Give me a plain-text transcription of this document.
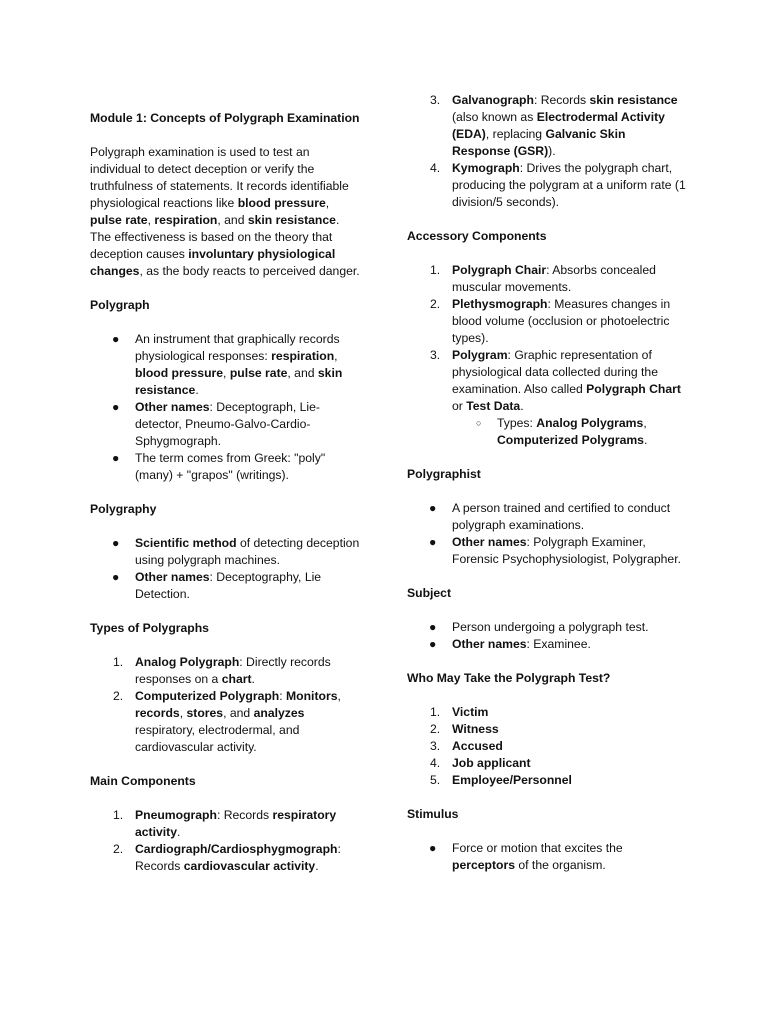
Module 1: Concepts of Polygraph Examination

Polygraph examination is used to test an individual to detect deception or verify the truthfulness of statements. It records identifiable physiological reactions like blood pressure, pulse rate, respiration, and skin resistance. The effectiveness is based on the theory that deception causes involuntary physiological changes, as the body reacts to perceived danger.

Polygraph

●	An instrument that graphically records physiological responses: respiration, blood pressure, pulse rate, and skin resistance.
●	Other names: Deceptograph, Lie-detector, Pneumo-Galvo-Cardio-Sphygmograph.
●	The term comes from Greek: "poly" (many) + "grapos" (writings).

Polygraphy

●	Scientific method of detecting deception using polygraph machines.
●	Other names: Deceptography, Lie Detection.

Types of Polygraphs

1. Analog Polygraph: Directly records responses on a chart.
2. Computerized Polygraph: Monitors, records, stores, and analyzes respiratory, electrodermal, and cardiovascular activity.

Main Components

1. Pneumograph: Records respiratory activity.
2. Cardiograph/Cardiosphygmograph: Records cardiovascular activity.
3. Galvanograph: Records skin resistance (also known as Electrodermal Activity (EDA), replacing Galvanic Skin Response (GSR)).
4. Kymograph: Drives the polygraph chart, producing the polygram at a uniform rate (1 division/5 seconds).

Accessory Components

1. Polygraph Chair: Absorbs concealed muscular movements.
2. Plethysmograph: Measures changes in blood volume (occlusion or photoelectric types).
3. Polygram: Graphic representation of physiological data collected during the examination. Also called Polygraph Chart or Test Data.
○	Types: Analog Polygrams, Computerized Polygrams.

Polygraphist

●	A person trained and certified to conduct polygraph examinations.
●	Other names: Polygraph Examiner, Forensic Psychophysiologist, Polygrapher.

Subject

●	Person undergoing a polygraph test.
●	Other names: Examinee.

Who May Take the Polygraph Test?

1. Victim
2. Witness
3. Accused
4. Job applicant
5. Employee/Personnel

Stimulus

●	Force or motion that excites the perceptors of the organism.
